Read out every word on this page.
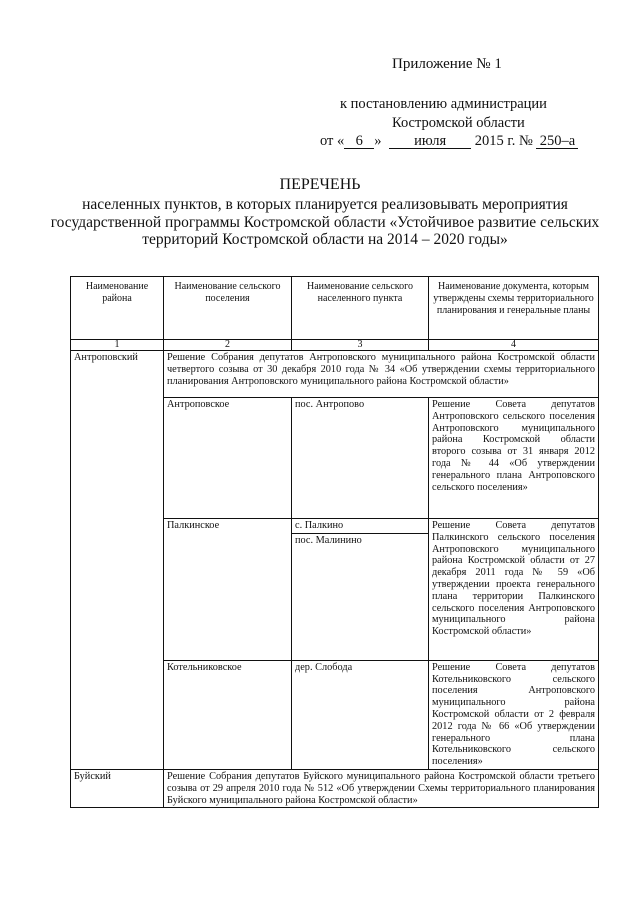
Приложение № 1
к постановлению администрации
Костромской области
от « 6 » июля 2015 г. № 250–а
ПЕРЕЧЕНЬ
населенных пунктов, в которых планируется реализовывать мероприятия государственной программы Костромской области «Устойчивое развитие сельских территорий Костромской области на 2014 – 2020 годы»
Наименование района	Наименование сельского поселения	Наименование сельского населенного пункта	Наименование документа, которым утверждены схемы территориального планирования и генеральные планы
1	2	3	4
Антроповский	Решение Собрания депутатов Антроповского муниципального района Костромской области четвертого созыва от 30 декабря 2010 года № 34 «Об утверждении схемы территориального планирования Антроповского муниципального района Костромской области»		
	Антроповское	пос. Антропово	Решение Совета депутатов Антроповского сельского поселения Антроповского муниципального района Костромской области второго созыва от 31 января 2012 года № 44 «Об утверждении генерального плана Антроповского сельского поселения»
	Палкинское	с. Палкино	Решение Совета депутатов Палкинского сельского поселения Антроповского муниципального района Костромской области от 27 декабря 2011 года № 59 «Об утверждении проекта генерального плана территории Палкинского сельского поселения Антроповского муниципального района Костромской области»
		пос. Малинино	
	Котельниковское	дер. Слобода	Решение Совета депутатов Котельниковского сельского поселения Антроповского муниципального района Костромской области от 2 февраля 2012 года № 66 «Об утверждении генерального плана Котельниковского сельского поселения»
Буйский	Решение Собрания депутатов Буйского муниципального района Костромской области третьего созыва от 29 апреля 2010 года № 512 «Об утверждении Схемы территориального планирования Буйского муниципального района Костромской области»		
